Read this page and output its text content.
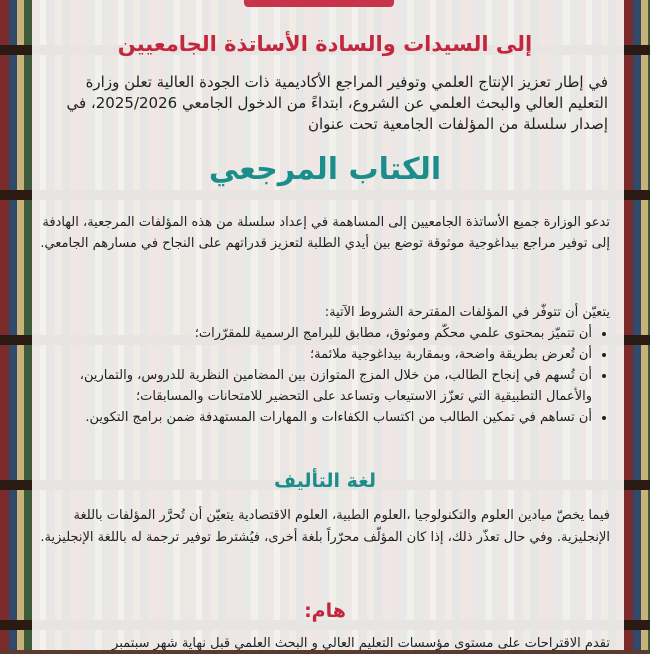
إلى السيدات والسادة الأساتذة الجامعيين
في إطار تعزيز الإنتاج العلمي وتوفير المراجع الأكاديمية ذات الجودة العالية تعلن وزارة التعليم العالي والبحث العلمي عن الشروع، ابتداءً من الدخول الجامعي 2025/2026، في إصدار سلسلة من المؤلفات الجامعية تحت عنوان
الكتاب المرجعي
تدعو الوزارة جميع الأساتذة الجامعيين إلى المساهمة في إعداد سلسلة من هذه المؤلفات المرجعية، الهادفة إلى توفير مراجع بيداغوجية موثوقة توضع بين أيدي الطلبة لتعزيز قدراتهم على النجاح في مسارهم الجامعي.
يتعيّن أن تتوفّر في المؤلفات المقترحة الشروط الآتية:
• أن تتميّز بمحتوى علمي محكّم وموثوق، مطابق للبرامج الرسمية للمقرّرات؛
• أن تُعرض بطريقة واضحة، وبمقاربة بيداغوجية ملائمة؛
• أن تُسهم في إنجاح الطالب، من خلال المزج المتوازن بين المضامين النظرية للدروس، والتمارين، والأعمال التطبيقية التي تعزّز الاستيعاب وتساعد على التحضير للامتحانات والمسابقات؛
• أن تساهم في تمكين الطالب من اكتساب الكفاءات و المهارات المستهدفة ضمن برامج التكوين.
لغة التأليف
فيما يخصّ ميادين العلوم والتكنولوجيا ،العلوم الطبية، العلوم الاقتصادية يتعيّن أن تُحرَّر المؤلفات باللغة الإنجليزية. وفي حال تعذّر ذلك، إذا كان المؤلّف محرّراً بلغة أخرى، فيُشترط توفير ترجمة له باللغة الإنجليزية.
هام:
تقدم الاقتراحات على مستوى مؤسسات التعليم العالي و البحث العلمي قبل نهاية شهر سبتمبر
